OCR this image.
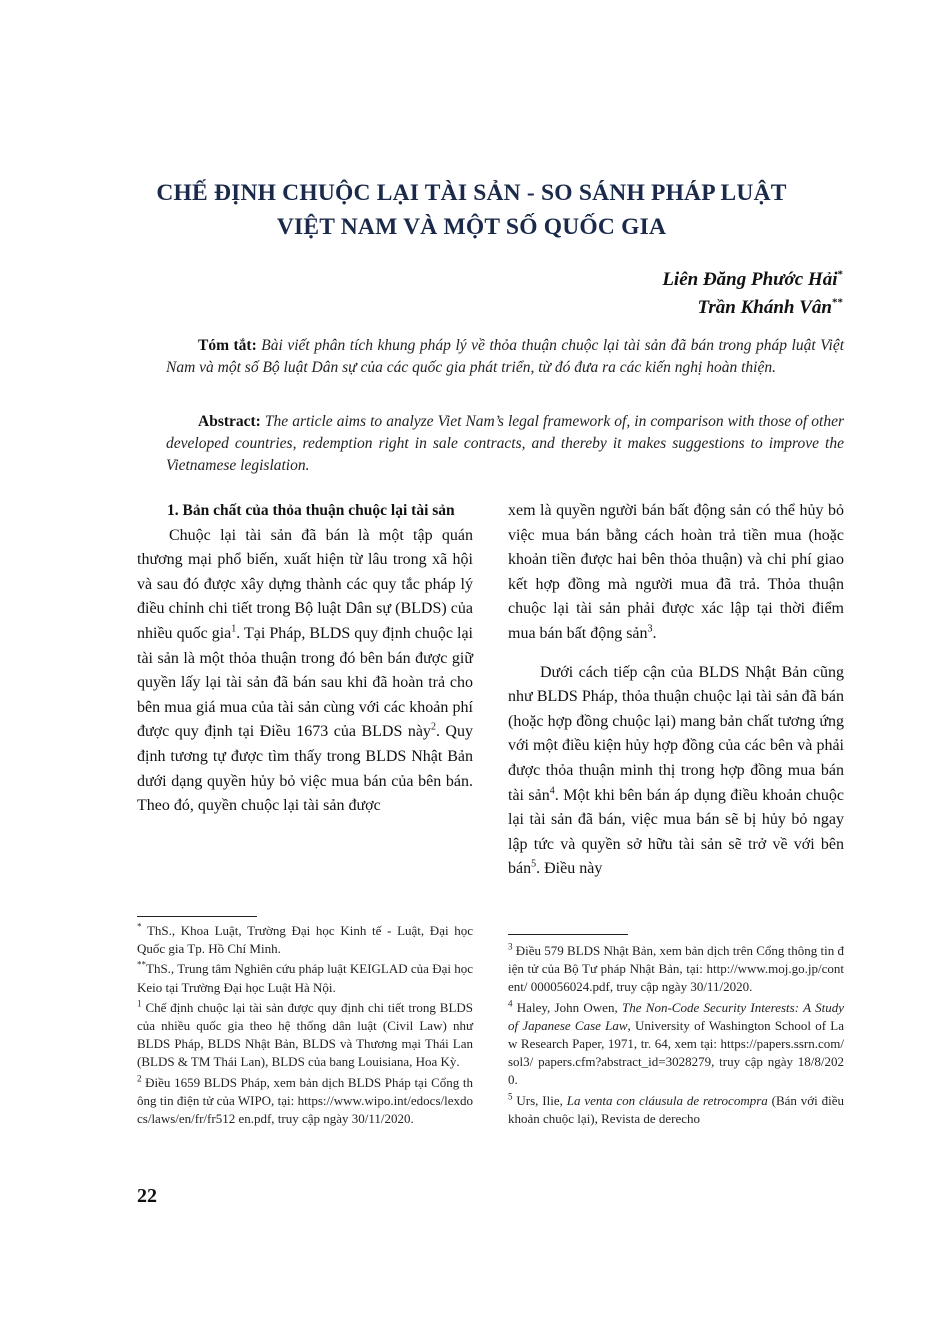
CHẾ ĐỊNH CHUỘC LẠI TÀI SẢN - SO SÁNH PHÁP LUẬT
VIỆT NAM VÀ MỘT SỐ QUỐC GIA
Liên Đăng Phước Hải*
Trần Khánh Vân**
Tóm tắt: Bài viết phân tích khung pháp lý về thỏa thuận chuộc lại tài sản đã bán trong pháp luật Việt Nam và một số Bộ luật Dân sự của các quốc gia phát triển, từ đó đưa ra các kiến nghị hoàn thiện.
Abstract: The article aims to analyze Viet Nam’s legal framework of, in comparison with those of other developed countries, redemption right in sale contracts, and thereby it makes suggestions to improve the Vietnamese legislation.

1. Bản chất của thỏa thuận chuộc lại tài sản

Chuộc lại tài sản đã bán là một tập quán thương mại phổ biến, xuất hiện từ lâu trong xã hội và sau đó được xây dựng thành các quy tắc pháp lý điều chỉnh chi tiết trong Bộ luật Dân sự (BLDS) của nhiều quốc gia$^1$. Tại Pháp, BLDS quy định chuộc lại tài sản là một thỏa thuận trong đó bên bán được giữ quyền lấy lại tài sản đã bán sau khi đã hoàn trả cho bên mua giá mua của tài sản cùng với các khoản phí được quy định tại Điều 1673 của BLDS này$^2$. Quy định tương tự được tìm thấy trong BLDS Nhật Bản dưới dạng quyền hủy bỏ việc mua bán của bên bán. Theo đó, quyền chuộc lại tài sản được

xem là quyền người bán bất động sản có thể hủy bỏ việc mua bán bằng cách hoàn trả tiền mua (hoặc khoản tiền được hai bên thỏa thuận) và chi phí giao kết hợp đồng mà người mua đã trả. Thỏa thuận chuộc lại tài sản phải được xác lập tại thời điểm mua bán bất động sản$^3$.

Dưới cách tiếp cận của BLDS Nhật Bản cũng như BLDS Pháp, thỏa thuận chuộc lại tài sản đã bán (hoặc hợp đồng chuộc lại) mang bản chất tương ứng với một điều kiện hủy hợp đồng của các bên và phải được thỏa thuận minh thị trong hợp đồng mua bán tài sản$^4$. Một khi bên bán áp dụng điều khoản chuộc lại tài sản đã bán, việc mua bán sẽ bị hủy bỏ ngay lập tức và quyền sở hữu tài sản sẽ trở về với bên bán$^5$. Điều này

* ThS., Khoa Luật, Trường Đại học Kinh tế - Luật, Đại học Quốc gia Tp. Hồ Chí Minh.
**ThS., Trung tâm Nghiên cứu pháp luật KEIGLAD của Đại học Keio tại Trường Đại học Luật Hà Nội.
$^1$ Chế định chuộc lại tài sản được quy định chi tiết trong BLDS của nhiều quốc gia theo hệ thống dân luật (Civil Law) như BLDS Pháp, BLDS Nhật Bản, BLDS và Thương mại Thái Lan (BLDS & TM Thái Lan), BLDS của bang Louisiana, Hoa Kỳ.
$^2$ Điều 1659 BLDS Pháp, xem bản dịch BLDS Pháp tại Cổng thông tin điện tử của WIPO, tại: https://www.wipo.int/edocs/lexdocs/laws/en/fr/fr512 en.pdf, truy cập ngày 30/11/2020.
$^3$ Điều 579 BLDS Nhật Bản, xem bản dịch trên Cổng thông tin điện tử của Bộ Tư pháp Nhật Bản, tại: http://www.moj.go.jp/content/ 000056024.pdf, truy cập ngày 30/11/2020.
$^4$ Haley, John Owen, The Non-Code Security Interests: A Study of Japanese Case Law, University of Washington School of Law Research Paper, 1971, tr. 64, xem tại: https://papers.ssrn.com/sol3/ papers.cfm?abstract_id=3028279, truy cập ngày 18/8/2020.
$^5$ Urs, Ilie, La venta con cláusula de retrocompra (Bán với điều khoản chuộc lại), Revista de derecho
22
